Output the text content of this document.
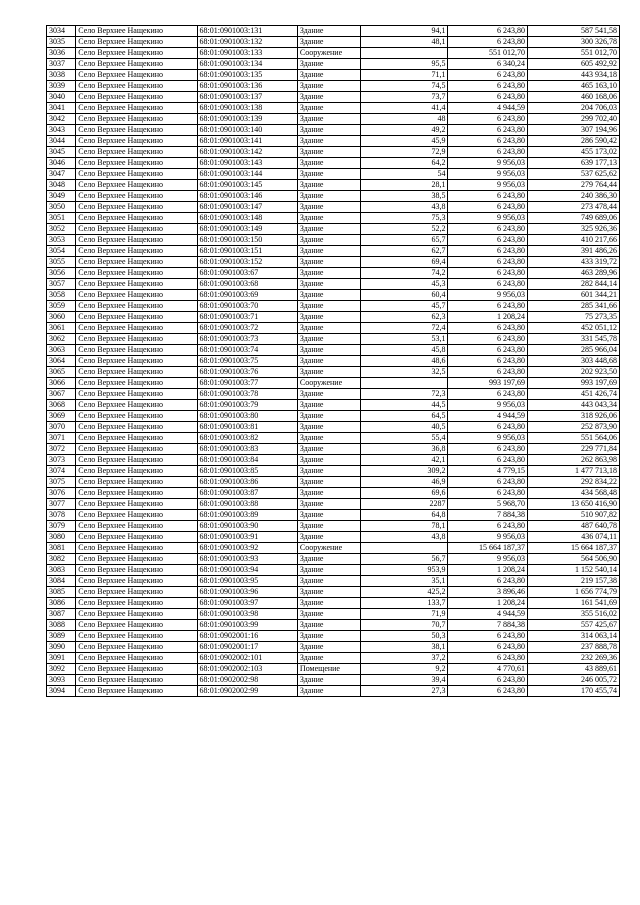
3034	Село Верхнее Нащекино	68:01:0901003:131	Здание	94,1	6 243,80	587 541,58
3035	Село Верхнее Нащекино	68:01:0901003:132	Здание	48,1	6 243,80	300 326,78
3036	Село Верхнее Нащекино	68:01:0901003:133	Сооружение		551 012,70	551 012,70
3037	Село Верхнее Нащекино	68:01:0901003:134	Здание	95,5	6 340,24	605 492,92
3038	Село Верхнее Нащекино	68:01:0901003:135	Здание	71,1	6 243,80	443 934,18
3039	Село Верхнее Нащекино	68:01:0901003:136	Здание	74,5	6 243,80	465 163,10
3040	Село Верхнее Нащекино	68:01:0901003:137	Здание	73,7	6 243,80	460 168,06
3041	Село Верхнее Нащекино	68:01:0901003:138	Здание	41,4	4 944,59	204 706,03
3042	Село Верхнее Нащекино	68:01:0901003:139	Здание	48	6 243,80	299 702,40
3043	Село Верхнее Нащекино	68:01:0901003:140	Здание	49,2	6 243,80	307 194,96
3044	Село Верхнее Нащекино	68:01:0901003:141	Здание	45,9	6 243,80	286 590,42
3045	Село Верхнее Нащекино	68:01:0901003:142	Здание	72,9	6 243,80	455 173,02
3046	Село Верхнее Нащекино	68:01:0901003:143	Здание	64,2	9 956,03	639 177,13
3047	Село Верхнее Нащекино	68:01:0901003:144	Здание	54	9 956,03	537 625,62
3048	Село Верхнее Нащекино	68:01:0901003:145	Здание	28,1	9 956,03	279 764,44
3049	Село Верхнее Нащекино	68:01:0901003:146	Здание	38,5	6 243,80	240 386,30
3050	Село Верхнее Нащекино	68:01:0901003:147	Здание	43,8	6 243,80	273 478,44
3051	Село Верхнее Нащекино	68:01:0901003:148	Здание	75,3	9 956,03	749 689,06
3052	Село Верхнее Нащекино	68:01:0901003:149	Здание	52,2	6 243,80	325 926,36
3053	Село Верхнее Нащекино	68:01:0901003:150	Здание	65,7	6 243,80	410 217,66
3054	Село Верхнее Нащекино	68:01:0901003:151	Здание	62,7	6 243,80	391 486,26
3055	Село Верхнее Нащекино	68:01:0901003:152	Здание	69,4	6 243,80	433 319,72
3056	Село Верхнее Нащекино	68:01:0901003:67	Здание	74,2	6 243,80	463 289,96
3057	Село Верхнее Нащекино	68:01:0901003:68	Здание	45,3	6 243,80	282 844,14
3058	Село Верхнее Нащекино	68:01:0901003:69	Здание	60,4	9 956,03	601 344,21
3059	Село Верхнее Нащекино	68:01:0901003:70	Здание	45,7	6 243,80	285 341,66
3060	Село Верхнее Нащекино	68:01:0901003:71	Здание	62,3	1 208,24	75 273,35
3061	Село Верхнее Нащекино	68:01:0901003:72	Здание	72,4	6 243,80	452 051,12
3062	Село Верхнее Нащекино	68:01:0901003:73	Здание	53,1	6 243,80	331 545,78
3063	Село Верхнее Нащекино	68:01:0901003:74	Здание	45,8	6 243,80	285 966,04
3064	Село Верхнее Нащекино	68:01:0901003:75	Здание	48,6	6 243,80	303 448,68
3065	Село Верхнее Нащекино	68:01:0901003:76	Здание	32,5	6 243,80	202 923,50
3066	Село Верхнее Нащекино	68:01:0901003:77	Сооружение		993 197,69	993 197,69
3067	Село Верхнее Нащекино	68:01:0901003:78	Здание	72,3	6 243,80	451 426,74
3068	Село Верхнее Нащекино	68:01:0901003:79	Здание	44,5	9 956,03	443 043,34
3069	Село Верхнее Нащекино	68:01:0901003:80	Здание	64,5	4 944,59	318 926,06
3070	Село Верхнее Нащекино	68:01:0901003:81	Здание	40,5	6 243,80	252 873,90
3071	Село Верхнее Нащекино	68:01:0901003:82	Здание	55,4	9 956,03	551 564,06
3072	Село Верхнее Нащекино	68:01:0901003:83	Здание	36,8	6 243,80	229 771,84
3073	Село Верхнее Нащекино	68:01:0901003:84	Здание	42,1	6 243,80	262 863,98
3074	Село Верхнее Нащекино	68:01:0901003:85	Здание	309,2	4 779,15	1 477 713,18
3075	Село Верхнее Нащекино	68:01:0901003:86	Здание	46,9	6 243,80	292 834,22
3076	Село Верхнее Нащекино	68:01:0901003:87	Здание	69,6	6 243,80	434 568,48
3077	Село Верхнее Нащекино	68:01:0901003:88	Здание	2287	5 968,70	13 650 416,90
3078	Село Верхнее Нащекино	68:01:0901003:89	Здание	64,8	7 884,38	510 907,82
3079	Село Верхнее Нащекино	68:01:0901003:90	Здание	78,1	6 243,80	487 640,78
3080	Село Верхнее Нащекино	68:01:0901003:91	Здание	43,8	9 956,03	436 074,11
3081	Село Верхнее Нащекино	68:01:0901003:92	Сооружение		15 664 187,37	15 664 187,37
3082	Село Верхнее Нащекино	68:01:0901003:93	Здание	56,7	9 956,03	564 506,90
3083	Село Верхнее Нащекино	68:01:0901003:94	Здание	953,9	1 208,24	1 152 540,14
3084	Село Верхнее Нащекино	68:01:0901003:95	Здание	35,1	6 243,80	219 157,38
3085	Село Верхнее Нащекино	68:01:0901003:96	Здание	425,2	3 896,46	1 656 774,79
3086	Село Верхнее Нащекино	68:01:0901003:97	Здание	133,7	1 208,24	161 541,69
3087	Село Верхнее Нащекино	68:01:0901003:98	Здание	71,9	4 944,59	355 516,02
3088	Село Верхнее Нащекино	68:01:0901003:99	Здание	70,7	7 884,38	557 425,67
3089	Село Верхнее Нащекино	68:01:0902001:16	Здание	50,3	6 243,80	314 063,14
3090	Село Верхнее Нащекино	68:01:0902001:17	Здание	38,1	6 243,80	237 888,78
3091	Село Верхнее Нащекино	68:01:0902002:101	Здание	37,2	6 243,80	232 269,36
3092	Село Верхнее Нащекино	68:01:0902002:103	Помещение	9,2	4 770,61	43 889,61
3093	Село Верхнее Нащекино	68:01:0902002:98	Здание	39,4	6 243,80	246 005,72
3094	Село Верхнее Нащекино	68:01:0902002:99	Здание	27,3	6 243,80	170 455,74
